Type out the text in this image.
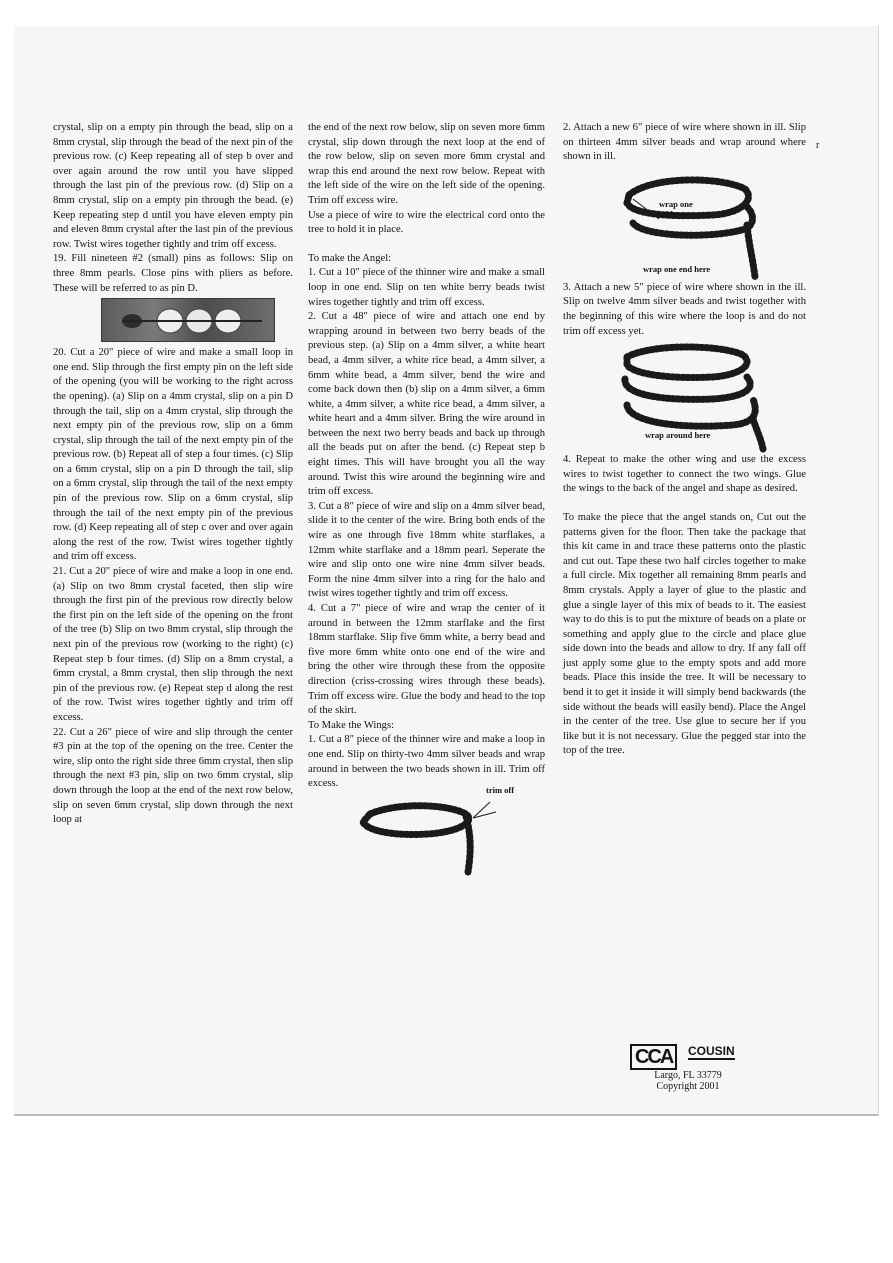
crystal, slip on a empty pin through the bead, slip on a 8mm crystal, slip through the bead of the next pin of the previous row. (c) Keep repeating all of step b over and over again around the row until you have slipped through the last pin of the previous row. (d) Slip on a 8mm crystal, slip on a empty pin through the bead. (e) Keep repeating step d until you have eleven empty pin and eleven 8mm crystal after the last pin of the previous row. Twist wires together tightly and trim off excess.

19. Fill nineteen #2 (small) pins as follows: Slip on three 8mm pearls. Close pins with pliers as before. These will be referred to as pin D.

20. Cut a 20" piece of wire and make a small loop in one end. Slip through the first empty pin on the left side of the opening (you will be working to the right across the opening). (a) Slip on a 4mm crystal, slip on a pin D through the tail, slip on a 4mm crystal, slip through the next empty pin of the previous row, slip on a 6mm crystal, slip through the tail of the next empty pin of the previous row. (b) Repeat all of step a four times. (c) Slip on a 6mm crystal, slip on a pin D through the tail, slip on a 6mm crystal, slip through the tail of the next empty pin of the previous row. Slip on a 6mm crystal, slip through the tail of the next empty pin of the previous row. (d) Keep repeating all of step c over and over again along the rest of the row. Twist wires together tightly and trim off excess.

21. Cut a 20" piece of wire and make a loop in one end. (a) Slip on two 8mm crystal faceted, then slip wire through the first pin of the previous row directly below the first pin on the left side of the opening on the front of the tree (b) Slip on two 8mm crystal, slip through the next pin of the previous row (working to the right) (c) Repeat step b four times. (d) Slip on a 8mm crystal, a 6mm crystal, a 8mm crystal, then slip through the next pin of the previous row. (e) Repeat step d along the rest of the row. Twist wires together tightly and trim off excess.

22. Cut a 26" piece of wire and slip through the center #3 pin at the top of the opening on the tree. Center the wire, slip onto the right side three 6mm crystal, then slip through the next #3 pin, slip on two 6mm crystal, slip down through the loop at the end of the next row below, slip on seven 6mm crystal, slip down through the next loop at

the end of the next row below, slip on seven more 6mm crystal, slip down through the next loop at the end of the row below, slip on seven more 6mm crystal and wrap this end around the next row below. Repeat with the left side of the wire on the left side of the opening. Trim off excess wire.

Use a piece of wire to wire the electrical cord onto the tree to hold it in place.

To make the Angel:

1. Cut a 10" piece of the thinner wire and make a small loop in one end. Slip on ten white berry beads twist wires together tightly and trim off excess.

2. Cut a 48" piece of wire and attach one end by wrapping around in between two berry beads of the previous step. (a) Slip on a 4mm silver, a white heart bead, a 4mm silver, a white rice bead, a 4mm silver, a 6mm white bead, a 4mm silver, bend the wire and come back down then (b) slip on a 4mm silver, a 6mm white, a 4mm silver, a white rice bead, a 4mm silver, a white heart and a 4mm silver. Bring the wire around in between the next two berry beads and back up through all the beads put on after the bend. (c) Repeat step b eight times. This will have brought you all the way around. Twist this wire around the beginning wire and trim off excess.

3. Cut a 8" piece of wire and slip on a 4mm silver bead, slide it to the center of the wire. Bring both ends of the wire as one through five 18mm white starflakes, a 12mm white starflake and a 18mm pearl. Seperate the wire and slip onto one wire nine 4mm silver beads. Form the nine 4mm silver into a ring for the halo and twist wires together tightly and trim off excess.

4. Cut a 7" piece of wire and wrap the center of it around in between the 12mm starflake and the first 18mm starflake. Slip five 6mm white, a berry bead and five more 6mm white onto one end of the wire and bring the other wire through these from the opposite direction (criss-crossing wires through these beads). Trim off excess wire. Glue the body and head to the top of the skirt.

To Make the Wings:

1. Cut a 8" piece of the thinner wire and make a loop in one end. Slip on thirty-two 4mm silver beads and wrap around in between the two beads shown in ill. Trim off excess.

trim off

2. Attach a new 6" piece of wire where shown in ill. Slip on thirteen 4mm silver beads and wrap around where shown in ill.

wrap one
end here
wrap one end here

3. Attach a new 5" piece of wire where shown in the ill. Slip on twelve 4mm silver beads and twist together with the beginning of this wire where the loop is and do not trim off excess yet.

wrap around here

4. Repeat to make the other wing and use the excess wires to twist together to connect the two wings. Glue the wings to the back of the angel and shape as desired.

To make the piece that the angel stands on, Cut out the patterns given for the floor. Then take the package that this kit came in and trace these patterns onto the plastic and cut out. Tape these two half circles together to make a full circle. Mix together all remaining 8mm pearls and 8mm crystals. Apply a layer of glue to the plastic and glue a single layer of this mix of beads to it. The easiest way to do this is to put the mixture of beads on a plate or something and apply glue to the circle and place glue side down into the beads and allow to dry. If any fall off just apply some glue to the empty spots and add more beads. Place this inside the tree. It will be necessary to bend it to get it inside it will simply bend backwards (the side without the beads will easily bend). Place the Angel in the center of the tree. Use glue to secure her if you like but it is not necessary. Glue the pegged star into the top of the tree.

r
CCA	COUSIN
Largo, FL 33779
Copyright 2001
